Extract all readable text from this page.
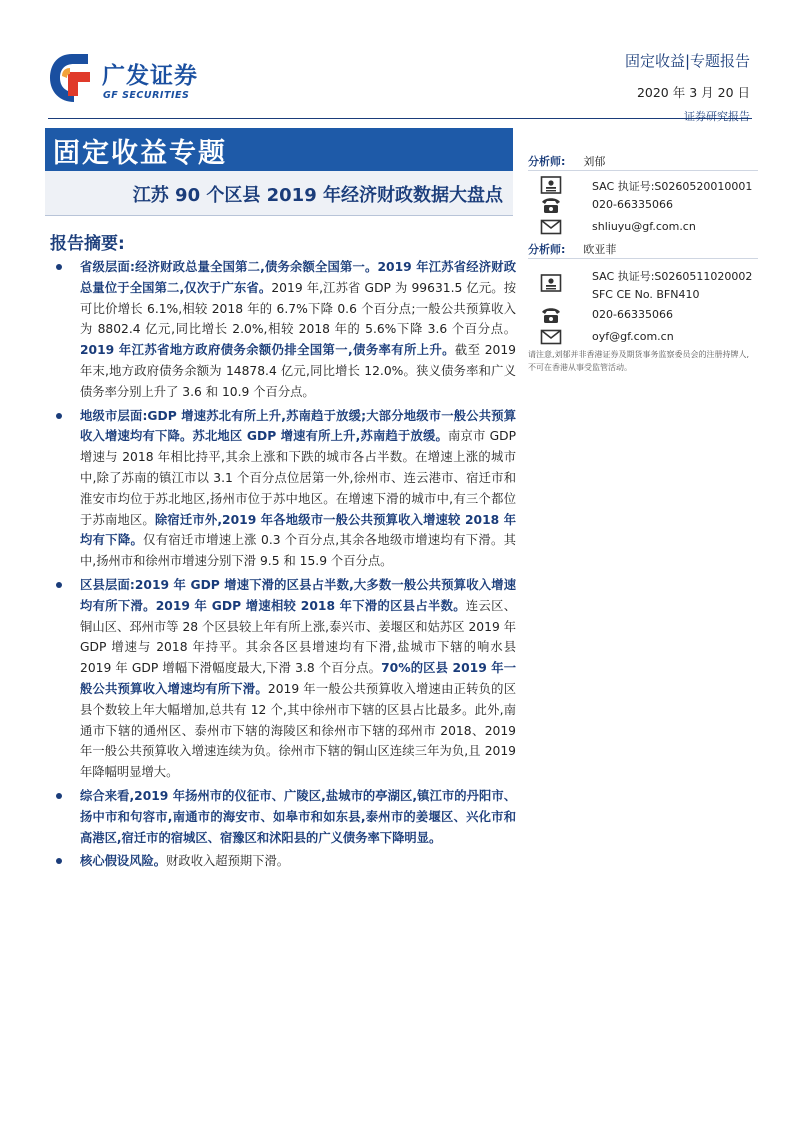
广发证券
GF SECURITIES
固定收益|专题报告
2020 年 3 月 20 日
证券研究报告
固定收益专题
江苏 90 个区县 2019 年经济财政数据大盘点
报告摘要:
省级层面:经济财政总量全国第二,债务余额全国第一。2019 年江苏省经济财政总量位于全国第二,仅次于广东省。2019 年,江苏省 GDP 为 99631.5 亿元。按可比价增长 6.1%,相较 2018 年的 6.7%下降 0.6 个百分点;一般公共预算收入为 8802.4 亿元,同比增长 2.0%,相较 2018 年的 5.6%下降 3.6 个百分点。2019 年江苏省地方政府债务余额仍排全国第一,债务率有所上升。截至 2019 年末,地方政府债务余额为 14878.4 亿元,同比增长 12.0%。狭义债务率和广义债务率分别上升了 3.6 和 10.9 个百分点。
地级市层面:GDP 增速苏北有所上升,苏南趋于放缓;大部分地级市一般公共预算收入增速均有下降。苏北地区 GDP 增速有所上升,苏南趋于放缓。南京市 GDP 增速与 2018 年相比持平,其余上涨和下跌的城市各占半数。在增速上涨的城市中,除了苏南的镇江市以 3.1 个百分点位居第一外,徐州市、连云港市、宿迁市和淮安市均位于苏北地区,扬州市位于苏中地区。在增速下滑的城市中,有三个都位于苏南地区。除宿迁市外,2019 年各地级市一般公共预算收入增速较 2018 年均有下降。仅有宿迁市增速上涨 0.3 个百分点,其余各地级市增速均有下滑。其中,扬州市和徐州市增速分别下滑 9.5 和 15.9 个百分点。
区县层面:2019 年 GDP 增速下滑的区县占半数,大多数一般公共预算收入增速均有所下滑。2019 年 GDP 增速相较 2018 年下滑的区县占半数。连云区、铜山区、邳州市等 28 个区县较上年有所上涨,泰兴市、姜堰区和姑苏区 2019 年 GDP 增速与 2018 年持平。其余各区县增速均有下滑,盐城市下辖的响水县 2019 年 GDP 增幅下滑幅度最大,下滑 3.8 个百分点。70%的区县 2019 年一般公共预算收入增速均有所下滑。2019 年一般公共预算收入增速由正转负的区县个数较上年大幅增加,总共有 12 个,其中徐州市下辖的区县占比最多。此外,南通市下辖的通州区、泰州市下辖的海陵区和徐州市下辖的邳州市 2018、2019 年一般公共预算收入增速连续为负。徐州市下辖的铜山区连续三年为负,且 2019 年降幅明显增大。
综合来看,2019 年扬州市的仪征市、广陵区,盐城市的亭湖区,镇江市的丹阳市、扬中市和句容市,南通市的海安市、如皋市和如东县,泰州市的姜堰区、兴化市和高港区,宿迁市的宿城区、宿豫区和沭阳县的广义债务率下降明显。
核心假设风险。财政收入超预期下滑。
分析师: 刘郁
SAC 执证号:S0260520010001
020-66335066
shliuyu@gf.com.cn
分析师: 欧亚菲
SAC 执证号:S0260511020002
SFC CE No. BFN410
020-66335066
oyf@gf.com.cn
请注意,刘郁并非香港证券及期货事务监察委员会的注册持牌人,不可在香港从事受监管活动。
